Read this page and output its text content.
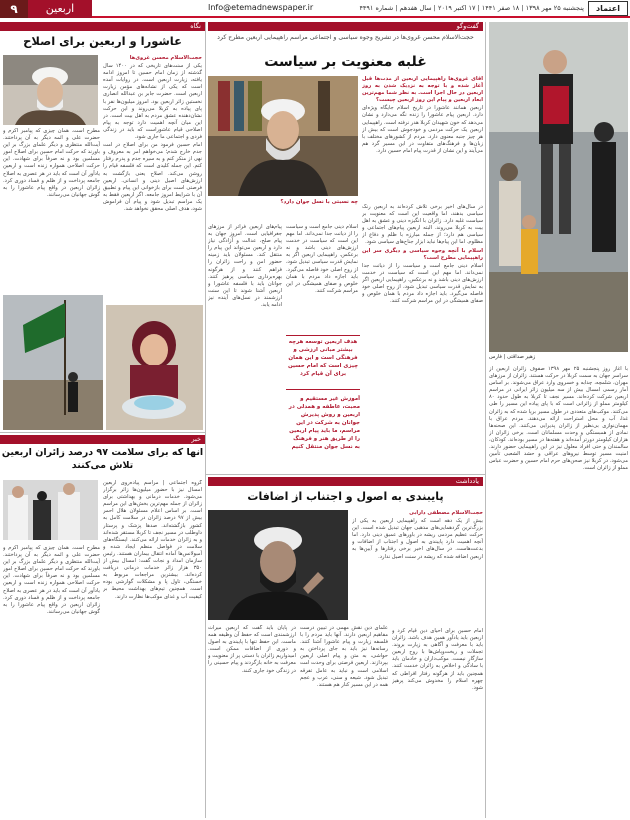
۹	اربعین	Info@etemadnewspaper.ir	پنجشنبه ۲۵ مهر ۱۳۹۸ | ۱۸ صفر ۱۴۴۱ | ۱۷ اکتبر ۲۰۱۹ | سال هفدهم | شماره ۴۴۹۱	اعتماد
نگاه
عاشورا و اربعین برای اصلاح

حجت‌الاسلام محسن غروی‌ها

یکی از سنت‌های تاریخی که در ۱۴۰۰ سال گذشته از زمان امام حسین تا امروز ادامه یافته، زیارت اربعین است. در روایات آمده است که یکی از نشانه‌های مؤمن زیارت اربعین است. حضرت جابر بن عبدالله انصاری نخستین زائر اربعین بود. امروز میلیون‌ها نفر با پای پیاده به کربلا می‌روند و این حرکت نشان‌دهنده عشق مردم به اهل بیت است. در این میان آنچه اهمیت دارد توجه به پیام اصلاحی قیام عاشوراست که باید در زندگی فردی و اجتماعی ما جاری شود.

امام حسین فرمود من برای اصلاح در امت جدم خارج شدم؛ می‌خواهم امر به معروف و نهی از منکر کنم و به سیره جدم و پدرم رفتار کنم. این جمله کلیدی است که فلسفه قیام را روشن می‌کند. اصلاح یعنی بازگشت به ارزش‌های اصیل دینی و انسانی. اربعین فرصتی است برای بازخوانی این پیام و تطبیق آن با شرایط امروز جامعه. اگر اربعین فقط به یک مراسم تبدیل شود و پیام آن فراموش شود، هدف اصلی محقق نخواهد شد.

مطرح است. همان چیزی که پیامبر اکرم و حضرت علی و ائمه دیگر به آن پرداختند. آیت‌الله منتظری و دیگر علمای بزرگ بر این باورند که حرکت امام حسین برای اصلاح امور مسلمین بود و نه صرفاً برای شهادت. این حرکت اصلاحی همواره زنده است و اربعین یادآور آن است که باید در هر عصری به اصلاح جامعه پرداخت و از ظلم و فساد دوری کرد. زائران اربعین در واقع پیام عاشورا را به گوش جهانیان می‌رسانند.
خبر
انها که برای سلامت ۹۷ درصد زائران اربعین تلاش می‌کنند
گروه اجتماعی | مراسم پیاده‌روی اربعین امسال نیز با حضور میلیون‌ها زائر برگزار می‌شود. خدمات درمانی و بهداشتی برای زائران از جمله مهم‌ترین بخش‌های این مراسم است. بر اساس اعلام مسئولان هلال احمر بیش از ۹۷ درصد زائران در سلامت کامل به کشور بازگشته‌اند. صدها پزشک و پرستار داوطلب در مسیر نجف تا کربلا مستقر شده‌اند و به زائران خدمات ارائه می‌کنند. ایستگاه‌های سلامت در فواصل منظم ایجاد شده و آمبولانس‌ها آماده انتقال بیماران هستند. رئیس سازمان امداد و نجات گفت: امسال بیش از ۳۵۰ هزار زائر خدمات درمانی دریافت کرده‌اند. بیشترین مراجعات مربوط به خستگی، تاول پا و مشکلات گوارشی بوده است. همچنین تیم‌های بهداشت محیط بر کیفیت آب و غذای موکب‌ها نظارت دارند.
مطرح است. همان چیزی که پیامبر اکرم و حضرت علی و ائمه دیگر به آن پرداختند. آیت‌الله منتظری و دیگر علمای بزرگ بر این باورند که حرکت امام حسین برای اصلاح امور مسلمین بود و نه صرفاً برای شهادت. این حرکت اصلاحی همواره زنده است و اربعین یادآور آن است که باید در هر عصری به اصلاح جامعه پرداخت و از ظلم و فساد دوری کرد. زائران اربعین در واقع پیام عاشورا را به گوش جهانیان می‌رسانند.
گفت‌وگو
حجت‌الاسلام محسن غروی‌ها در تشریح وجوه سیاسی و اجتماعی مراسم راهپیمایی اربعین مطرح کرد
غلبه معنویت بر سیاست

آقای غروی‌ها راهپیمایی اربعین از مدت‌ها قبل آغاز شده و با توجه به نزدیک شدن به روز اربعین در حال اجرا است. به نظر شما مهم‌ترین ابعاد اربعین و پیام این روز اربعین چیست؟

اربعین همانند عاشورا در تاریخ اسلام جایگاه ویژه‌ای دارد. اربعین پیام عاشورا را زنده نگه می‌دارد و نشان می‌دهد که خون شهیدان کربلا هدر نرفته است. راهپیمایی اربعین یک حرکت مردمی و خودجوش است که بیش از هر چیز جنبه معنوی دارد. مردم از کشورهای مختلف با زبان‌ها و فرهنگ‌های متفاوت در این مسیر گرد هم می‌آیند و این نشان از قدرت پیام امام حسین دارد.

چه نسبتی با نسل جوان دارد؟

در سال‌های اخیر برخی تلاش کرده‌اند به اربعین رنگ سیاسی بدهند، اما واقعیت این است که معنویت بر سیاست غلبه دارد. زائران با انگیزه دینی و عشق به اهل بیت به کربلا می‌روند. البته اربعین پیام‌های اجتماعی و سیاسی هم دارد؛ از جمله مبارزه با ظلم و دفاع از مظلوم. اما این پیام‌ها نباید ابزار جناح‌های سیاسی شود.

اسلام با آنچه وجوه سیاسی و دیگری سر این راهپیمایی مطرح است؟

اسلام دینی جامع است و سیاست را از دیانت جدا نمی‌داند. اما مهم این است که سیاست در خدمت ارزش‌های دینی باشد و نه برعکس. راهپیمایی اربعین اگر به نمایش قدرت سیاسی تبدیل شود، از روح اصلی خود فاصله می‌گیرد. باید اجازه داد مردم با همان خلوص و صفای همیشگی در این مراسم شرکت کنند.

پیام‌های اربعین فراتر از مرزهای جغرافیایی است. امروز جهان به پیام صلح، عدالت و آزادگی نیاز دارد و اربعین می‌تواند این پیام را منتقل کند. مسئولان باید زمینه حضور امن و راحت زائران را فراهم کنند و از هرگونه بهره‌برداری سیاسی پرهیز کنند. جوانان باید با فلسفه عاشورا و اربعین آشنا شوند تا این سنت ارزشمند در نسل‌های آینده نیز ادامه یابد.
اسلام دینی جامع است و سیاست را از دیانت جدا نمی‌داند. اما مهم این است که سیاست در خدمت ارزش‌های دینی باشد و نه برعکس. راهپیمایی اربعین اگر به نمایش قدرت سیاسی تبدیل شود، از روح اصلی خود فاصله می‌گیرد. باید اجازه داد مردم با همان خلوص و صفای همیشگی در این مراسم شرکت کنند.
هدف اربعین توسعه هرچه بیشتر مبانی ارزشی و فرهنگی است و این همان چیزی است که امام حسین برای آن قیام کرد
آموزش غیر مستقیم و محبت، عاطفه و همدلی در اربعین و روش پذیرش جوانان به شرکت در این مراسم، ما باید پیام اربعین را از طریق هنر و فرهنگ به نسل جوان منتقل کنیم
یادداشت
پایبندی به اصول و اجتناب از اضافات

حجت‌الاسلام مصطفی دارابی

بیش از یک دهه است که راهپیمایی اربعین به یکی از بزرگ‌ترین گردهمایی‌های مذهبی جهان تبدیل شده است. این حرکت عظیم مردمی ریشه در باورهای عمیق دینی دارد. اما آنچه اهمیت دارد پایبندی به اصول و اجتناب از اضافات و بدعت‌هاست. در سال‌های اخیر برخی رفتارها و آیین‌ها به اربعین اضافه شده که ریشه در سنت اصیل ندارد.

در پایان باید گفت که اربعین میراث ارزشمندی است که حفظ آن وظیفه همه ماست. این حفظ تنها با پایبندی به اصول و دوری از اضافات ممکن است. امیدواریم زائران با دستی پر از معنویت و معرفت به خانه بازگردند و پیام حسینی را در زندگی خود جاری کنند.
علمای دین نقش مهمی در تبیین درست مفاهیم اربعین دارند. آنها باید مردم را با فلسفه زیارت و پیام عاشورا آشنا کنند. رسانه‌ها نیز باید به جای پرداختن به حواشی، به متن و پیام اصلی اربعین بپردازند. اربعین فرصتی برای وحدت امت اسلامی است و نباید به عامل تفرقه تبدیل شود. شیعه و سنی، عرب و عجم همه در این مسیر کنار هم هستند.
امام حسین برای احیای دین قیام کرد و اربعین باید یادآور همین هدف باشد. زائران باید با معرفت و آگاهی به زیارت بروند. تجملات و ریخت‌وپاش‌ها با روح اربعین سازگار نیست. موکب‌داران و خادمان باید با سادگی و اخلاص به زائران خدمت کنند. همچنین باید از هرگونه رفتار افراطی که چهره اسلام را مخدوش می‌کند پرهیز شود.
زهیر صداقتی | فارس
با آغاز روز پنجشنبه ۲۵ مهر ۱۳۹۸ صفوف زائران اربعین از سراسر جهان به سمت کربلا در حرکت هستند. زائران از مرزهای مهران، شلمچه، چذابه و خسروی وارد عراق می‌شوند. بر اساس آمار رسمی امسال بیش از سه میلیون زائر ایرانی در مراسم اربعین شرکت کرده‌اند. مسیر نجف تا کربلا به طول حدود ۸۰ کیلومتر مملو از زائرانی است که با پای پیاده این مسیر را طی می‌کنند. موکب‌های متعددی در طول مسیر برپا شده که به زائران غذا، آب و محل استراحت ارائه می‌دهند. مردم عراق با مهمان‌نوازی بی‌نظیر از زائران پذیرایی می‌کنند. این صحنه‌ها نمادی از همبستگی و وحدت مسلمانان است. برخی زائران از هزاران کیلومتر دورتر آمده‌اند و هفته‌ها در مسیر بوده‌اند. کودکان، سالمندان و حتی افراد معلول نیز در این راهپیمایی حضور دارند. امنیت مسیر توسط نیروهای عراقی و حشد الشعبی تأمین می‌شود. در کربلا نیز صحن‌های حرم امام حسین و حضرت عباس مملو از زائران است.
